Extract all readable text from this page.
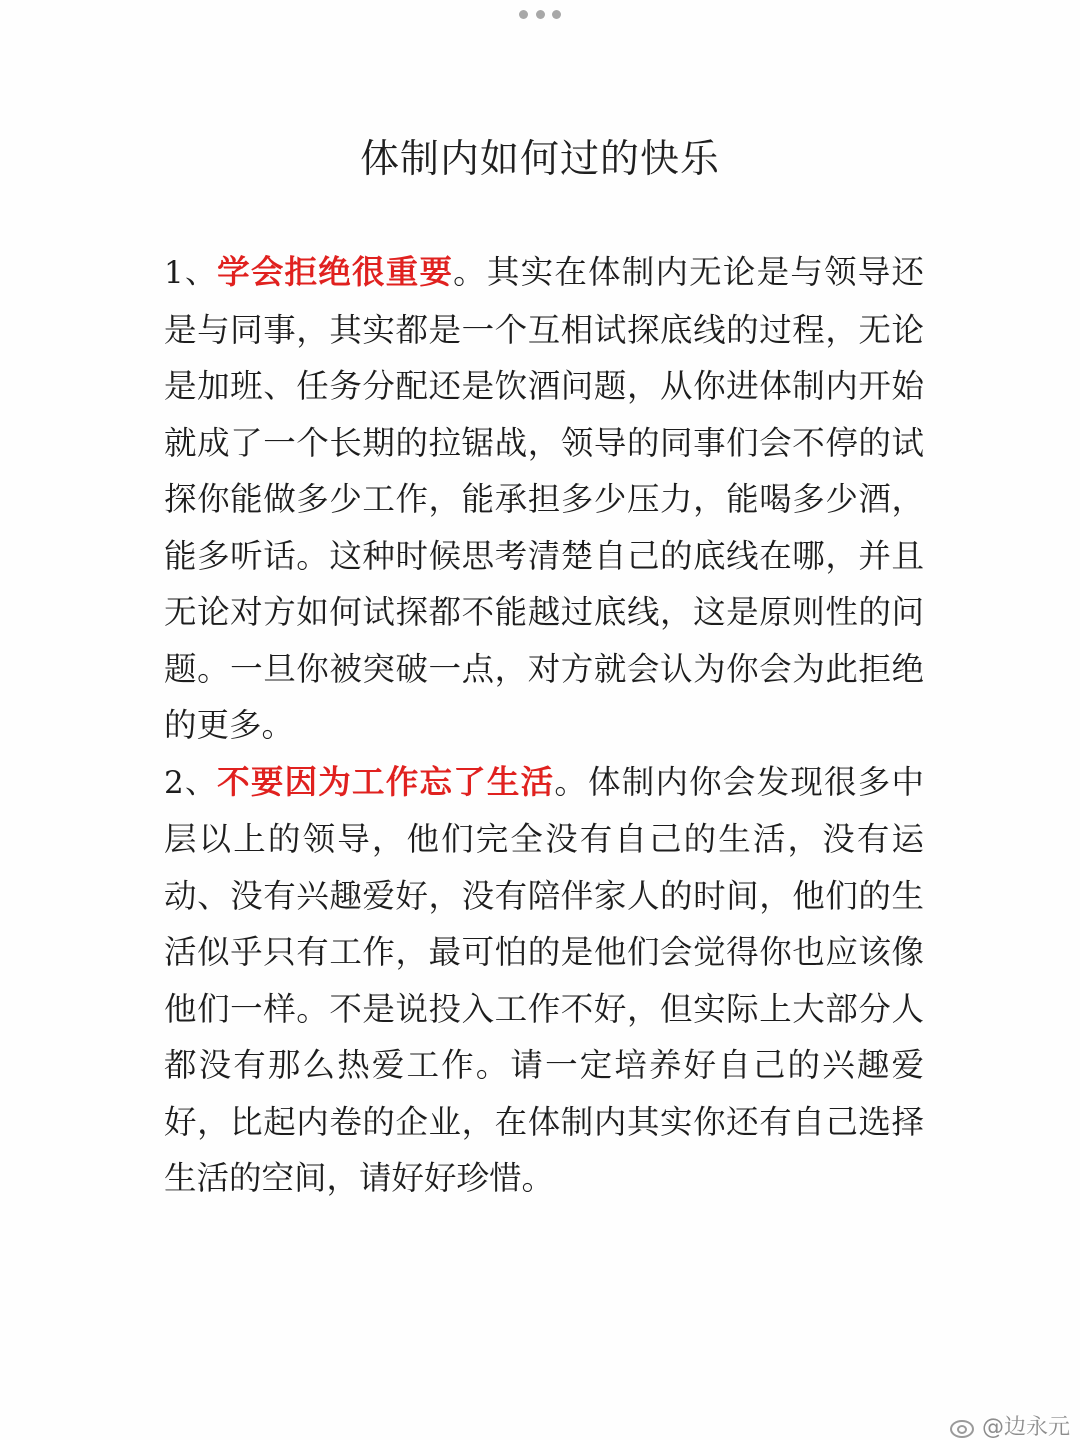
体制内如何过的快乐

1、学会拒绝很重要。其实在体制内无论是与领导还是与同事，其实都是一个互相试探底线的过程，无论是加班、任务分配还是饮酒问题，从你进体制内开始就成了一个长期的拉锯战，领导的同事们会不停的试探你能做多少工作，能承担多少压力，能喝多少酒，能多听话。这种时候思考清楚自己的底线在哪，并且无论对方如何试探都不能越过底线，这是原则性的问题。一旦你被突破一点，对方就会认为你会为此拒绝的更多。

2、不要因为工作忘了生活。体制内你会发现很多中层以上的领导，他们完全没有自己的生活，没有运动、没有兴趣爱好，没有陪伴家人的时间，他们的生活似乎只有工作，最可怕的是他们会觉得你也应该像他们一样。不是说投入工作不好，但实际上大部分人都没有那么热爱工作。请一定培养好自己的兴趣爱好，比起内卷的企业，在体制内其实你还有自己选择生活的空间，请好好珍惜。

@边永元
